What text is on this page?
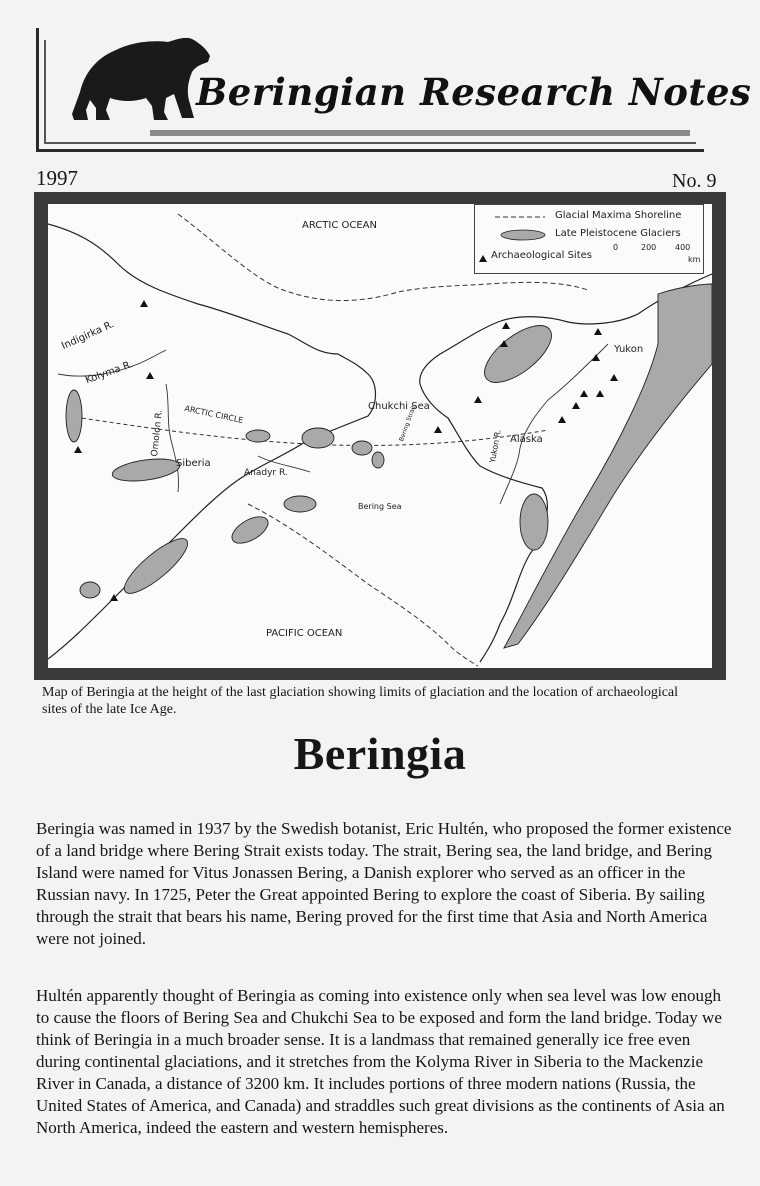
Beringian Research Notes
1997	No. 9
ARCTIC OCEAN
PACIFIC OCEAN
Chukchi Sea
Bering Sea
ARCTIC CIRCLE
Siberia
Alaska
Yukon
Yukon R.
Indigirka R.
Kolyma R.
Omolon R.
Anadyr R.
Bering Strait
Glacial Maxima Shoreline
Late Pleistocene Glaciers
Archaeological Sites
0	200 400
km
Map of Beringia at the height of the last glaciation showing limits of glaciation and the location of archaeological sites of the late Ice Age.
Beringia

Beringia was named in 1937 by the Swedish botanist, Eric Hultén, who proposed the former existence of a land bridge where Bering Strait exists today. The strait, Bering sea, the land bridge, and Bering Island were named for Vitus Jonassen Bering, a Danish explorer who served as an officer in the Russian navy. In 1725, Peter the Great appointed Bering to explore the coast of Siberia. By sailing through the strait that bears his name, Bering proved for the first time that Asia and North America were not joined.

Hultén apparently thought of Beringia as coming into existence only when sea level was low enough to cause the floors of Bering Sea and Chukchi Sea to be exposed and form the land bridge. Today we think of Beringia in a much broader sense. It is a landmass that remained generally ice free even during continental glaciations, and it stretches from the Kolyma River in Siberia to the Mackenzie River in Canada, a distance of 3200 km. It includes portions of three modern nations (Russia, the United States of America, and Canada) and straddles such great divisions as the continents of Asia an North America, indeed the eastern and western hemispheres.
